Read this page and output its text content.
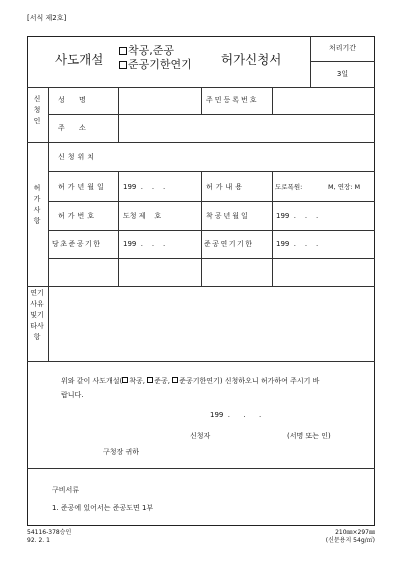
[서식 제2호]
사도개설
착공,준공
준공기한연기 허가신청서
처리기간
3일
신청인
성 명	주민등록번호
주 소
허가사항
신청위치
허가년월일 199  .    .    .	허가내용	도로폭원:	M, 연장: M
허가번호	도청 제    호	착공년월일	199  .    .    .
당초준공기한	199  .    .    .	준공연기기한	199  .    .    .
연기사유및기타사항
위와 같이 사도개설( 착공, 준공, 준공기한연기) 신청하오니 허가하여 주시기 바
랍니다.
199  .      .      .
신청자	(서명 또는 인)
구청장 귀하
구비서류
1. 준공에 있어서는 준공도면 1부
54116-378승인
92. 2. 1
210㎜×297㎜
(신문용지 54g/㎡)
